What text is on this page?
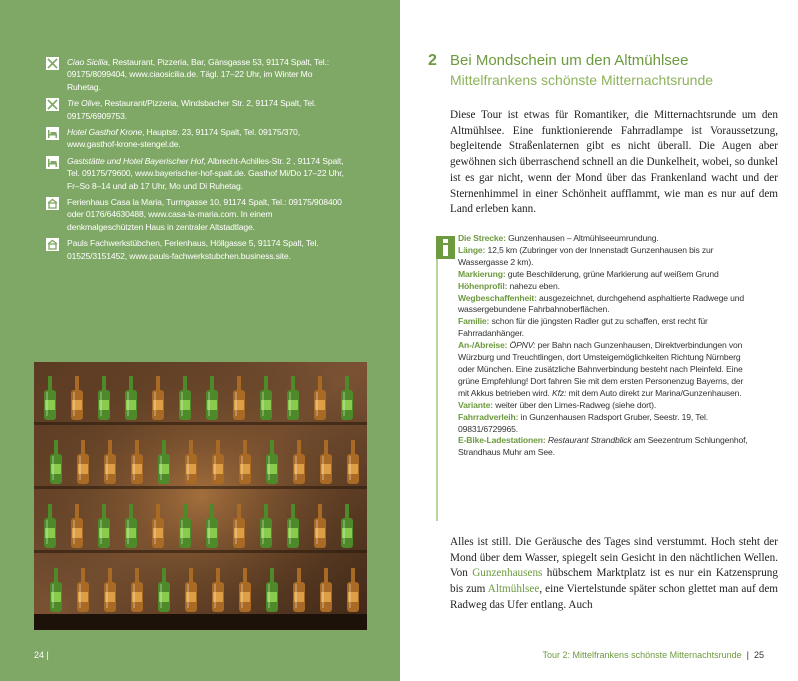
Ciao Sicilia, Restaurant, Pizzeria, Bar, Gänsgasse 53, 91174 Spalt, Tel.: 09175/8099404, www.ciaosicilia.de. Tägl. 17–22 Uhr, im Winter Mo Ruhetag.
Tre Olive, Restaurant/Pizzeria, Windsbacher Str. 2, 91174 Spalt, Tel. 09175/6909753.
Hotel Gasthof Krone, Hauptstr. 23, 91174 Spalt, Tel. 09175/370, www.gasthof-krone-stengel.de.
Gaststätte und Hotel Bayerischer Hof, Albrecht-Achilles-Str. 2 , 91174 Spalt, Tel. 09175/79600, www.bayerischer-hof-spalt.de. Gasthof Mi/Do 17–22 Uhr, Fr–So 8–14 und ab 17 Uhr, Mo und Di Ruhetag.
Ferienhaus Casa la Maria, Turmgasse 10, 91174 Spalt, Tel.: 09175/908400 oder 0176/64630488, www.casa-la-maria.com. In einem denkmalgeschützten Haus in zentraler Altstadtlage.
Pauls Fachwerkstübchen, Ferienhaus, Höllgasse 5, 91174 Spalt, Tel. 01525/3151452, www.pauls-fachwerkstubchen.business.site.
24 |
2 Bei Mondschein um den Altmühlsee
Mittelfrankens schönste Mitternachtsrunde

Diese Tour ist etwas für Romantiker, die Mitternachtsrunde um den Altmühlsee. Eine funktionierende Fahrradlampe ist Voraussetzung, begleitende Straßenlaternen gibt es nicht überall. Die Augen aber gewöhnen sich überraschend schnell an die Dunkelheit, wobei, so dunkel ist es gar nicht, wenn der Mond über das Frankenland wacht und der Sternenhimmel in einer Schönheit aufflammt, wie man es nur auf dem Land erleben kann.

Die Strecke: Gunzenhausen – Altmühlseeumrundung.
Länge: 12,5 km (Zubringer von der Innenstadt Gunzenhausen bis zur Wassergasse 2 km).
Markierung: gute Beschilderung, grüne Markierung auf weißem Grund
Höhenprofil: nahezu eben.
Wegbeschaffenheit: ausgezeichnet, durchgehend asphaltierte Radwege und wassergebundene Fahrbahnoberflächen.
Familie: schon für die jüngsten Radler gut zu schaffen, erst recht für Fahrradanhänger.
An-/Abreise: ÖPNV: per Bahn nach Gunzenhausen, Direktverbindungen von Würzburg und Treuchtlingen, dort Umsteigemöglichkeiten Richtung Nürnberg oder München. Eine zusätzliche Bahnverbindung besteht nach Pleinfeld. Eine grüne Empfehlung! Dort fahren Sie mit dem ersten Personenzug Bayerns, der mit Akkus betrieben wird. Kfz: mit dem Auto direkt zur Marina/Gunzenhausen.
Variante: weiter über den Limes-Radweg (siehe dort).
Fahrradverleih: in Gunzenhausen Radsport Gruber, Seestr. 19, Tel. 09831/6729965.
E-Bike-Ladestationen: Restaurant Strandblick am Seezentrum Schlungenhof, Strandhaus Muhr am See.

Alles ist still. Die Geräusche des Tages sind verstummt. Hoch steht der Mond über dem Wasser, spiegelt sein Gesicht in den nächtlichen Wellen. Von Gunzenhausens hübschem Marktplatz ist es nur ein Katzensprung bis zum Altmühlsee, eine Viertelstunde später schon glettet man auf dem Radweg das Ufer entlang. Auch

Tour 2: Mittelfrankens schönste Mitternachtsrunde | 25
